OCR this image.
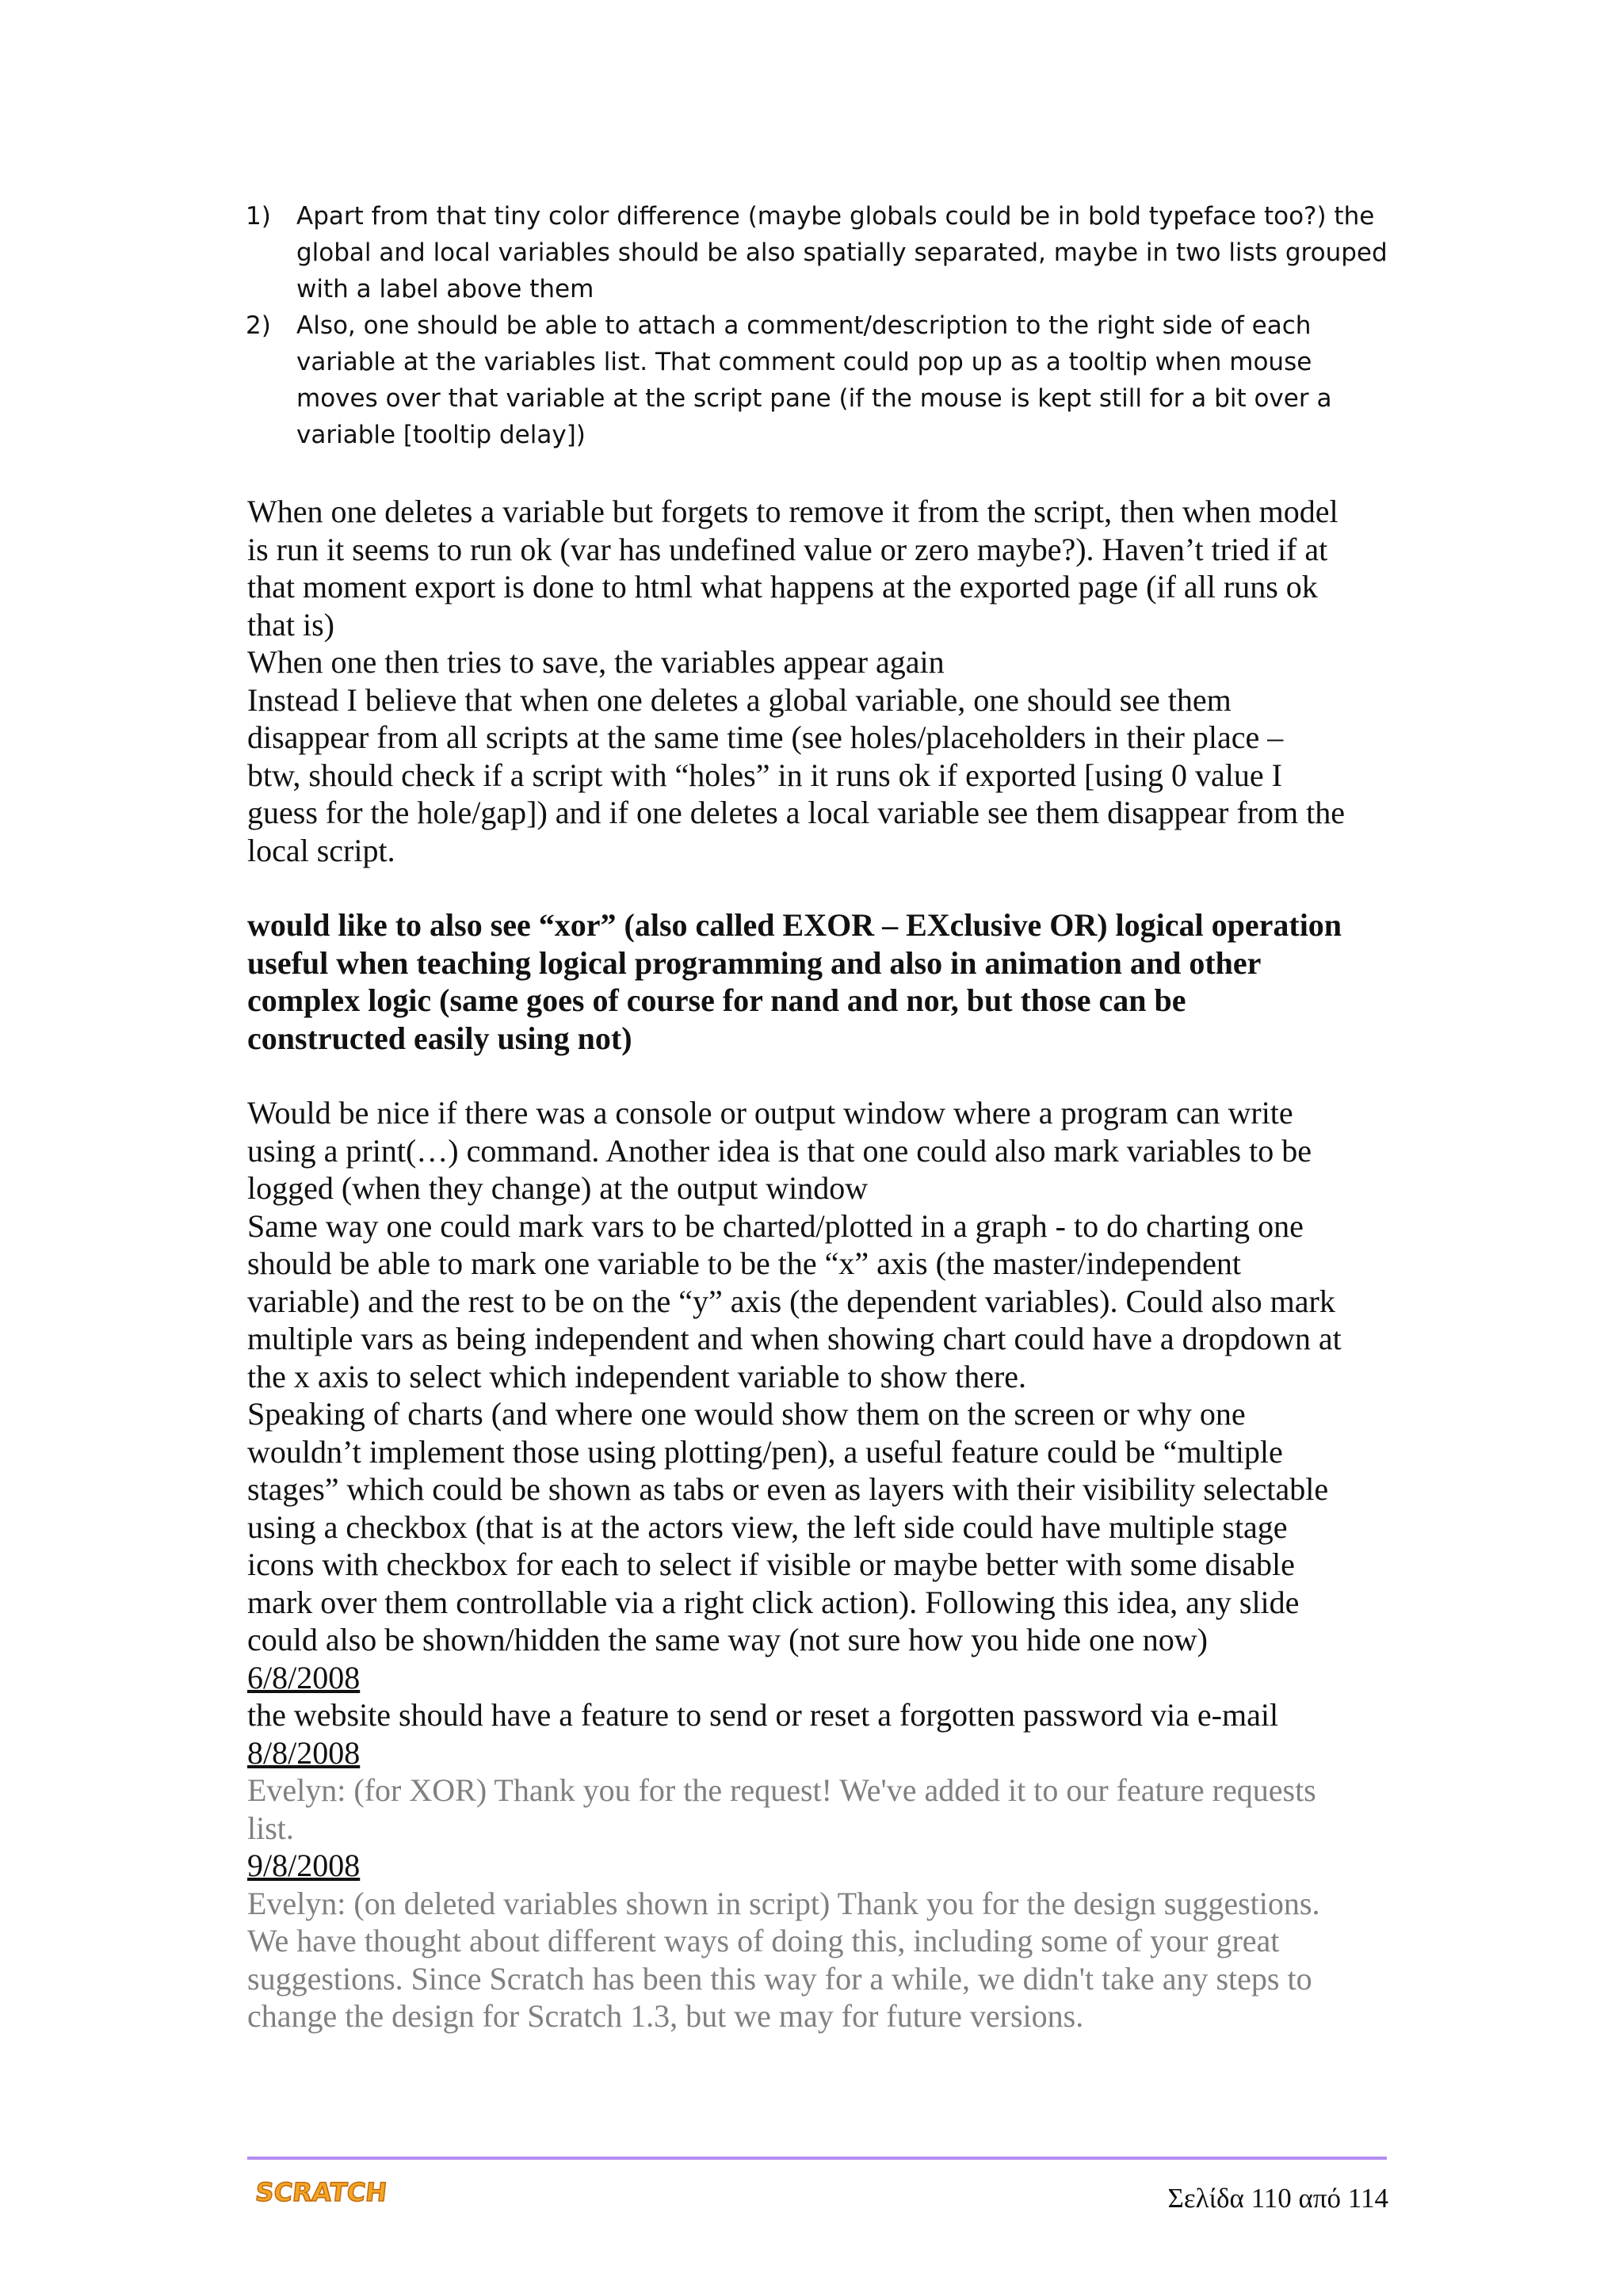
1) Apart from that tiny color difference (maybe globals could be in bold typeface too?) the
global and local variables should be also spatially separated, maybe in two lists grouped
with a label above them
2) Also, one should be able to attach a comment/description to the right side of each
variable at the variables list. That comment could pop up as a tooltip when mouse
moves over that variable at the script pane (if the mouse is kept still for a bit over a
variable [tooltip delay])

When one deletes a variable but forgets to remove it from the script, then when model

is run it seems to run ok (var has undefined value or zero maybe?). Haven’t tried if at

that moment export is done to html what happens at the exported page (if all runs ok

that is)

When one then tries to save, the variables appear again

Instead I believe that when one deletes a global variable, one should see them

disappear from all scripts at the same time (see holes/placeholders in their place –

btw, should check if a script with “holes” in it runs ok if exported [using 0 value I

guess for the hole/gap]) and if one deletes a local variable see them disappear from the

local script.

would like to also see “xor” (also called EXOR – EXclusive OR) logical operation

useful when teaching logical programming and also in animation and other

complex logic (same goes of course for nand and nor, but those can be

constructed easily using not)

Would be nice if there was a console or output window where a program can write

using a print(…) command. Another idea is that one could also mark variables to be

logged (when they change) at the output window

Same way one could mark vars to be charted/plotted in a graph - to do charting one

should be able to mark one variable to be the “x” axis (the master/independent

variable) and the rest to be on the “y” axis (the dependent variables). Could also mark

multiple vars as being independent and when showing chart could have a dropdown at

the x axis to select which independent variable to show there.

Speaking of charts (and where one would show them on the screen or why one

wouldn’t implement those using plotting/pen), a useful feature could be “multiple

stages” which could be shown as tabs or even as layers with their visibility selectable

using a checkbox (that is at the actors view, the left side could have multiple stage

icons with checkbox for each to select if visible or maybe better with some disable

mark over them controllable via a right click action). Following this idea, any slide

could also be shown/hidden the same way (not sure how you hide one now)

6/8/2008

the website should have a feature to send or reset a forgotten password via e-mail

8/8/2008

Evelyn: (for XOR) Thank you for the request! We've added it to our feature requests

list.

9/8/2008

Evelyn: (on deleted variables shown in script) Thank you for the design suggestions.

We have thought about different ways of doing this, including some of your great

suggestions. Since Scratch has been this way for a while, we didn't take any steps to

change the design for Scratch 1.3, but we may for future versions.

SCRATCH	Σελίδα 110 από 114
